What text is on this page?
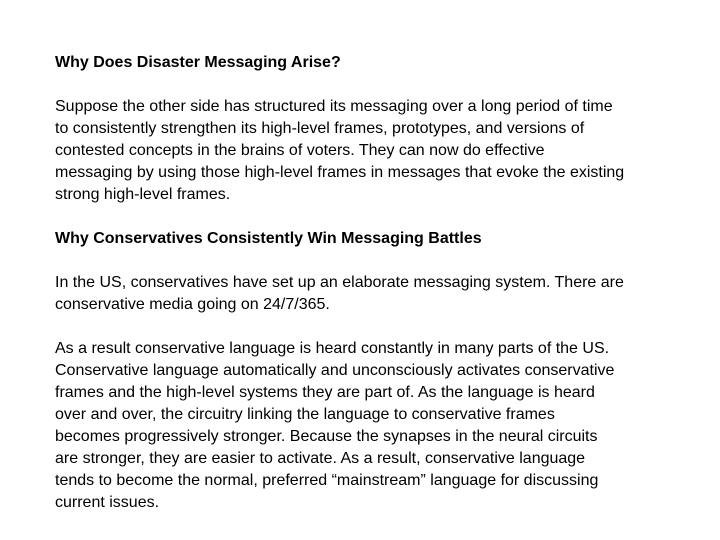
Why Does Disaster Messaging Arise?

Suppose the other side has structured its messaging over a long period of time
to consistently strengthen its high-level frames, prototypes, and versions of
contested concepts in the brains of voters. They can now do effective
messaging by using those high-level frames in messages that evoke the existing
strong high-level frames.

Why Conservatives Consistently Win Messaging Battles

In the US, conservatives have set up an elaborate messaging system. There are
conservative media going on 24/7/365.

As a result conservative language is heard constantly in many parts of the US.
Conservative language automatically and unconsciously activates conservative
frames and the high-level systems they are part of. As the language is heard
over and over, the circuitry linking the language to conservative frames
becomes progressively stronger. Because the synapses in the neural circuits
are stronger, they are easier to activate. As a result, conservative language
tends to become the normal, preferred “mainstream” language for discussing
current issues.
